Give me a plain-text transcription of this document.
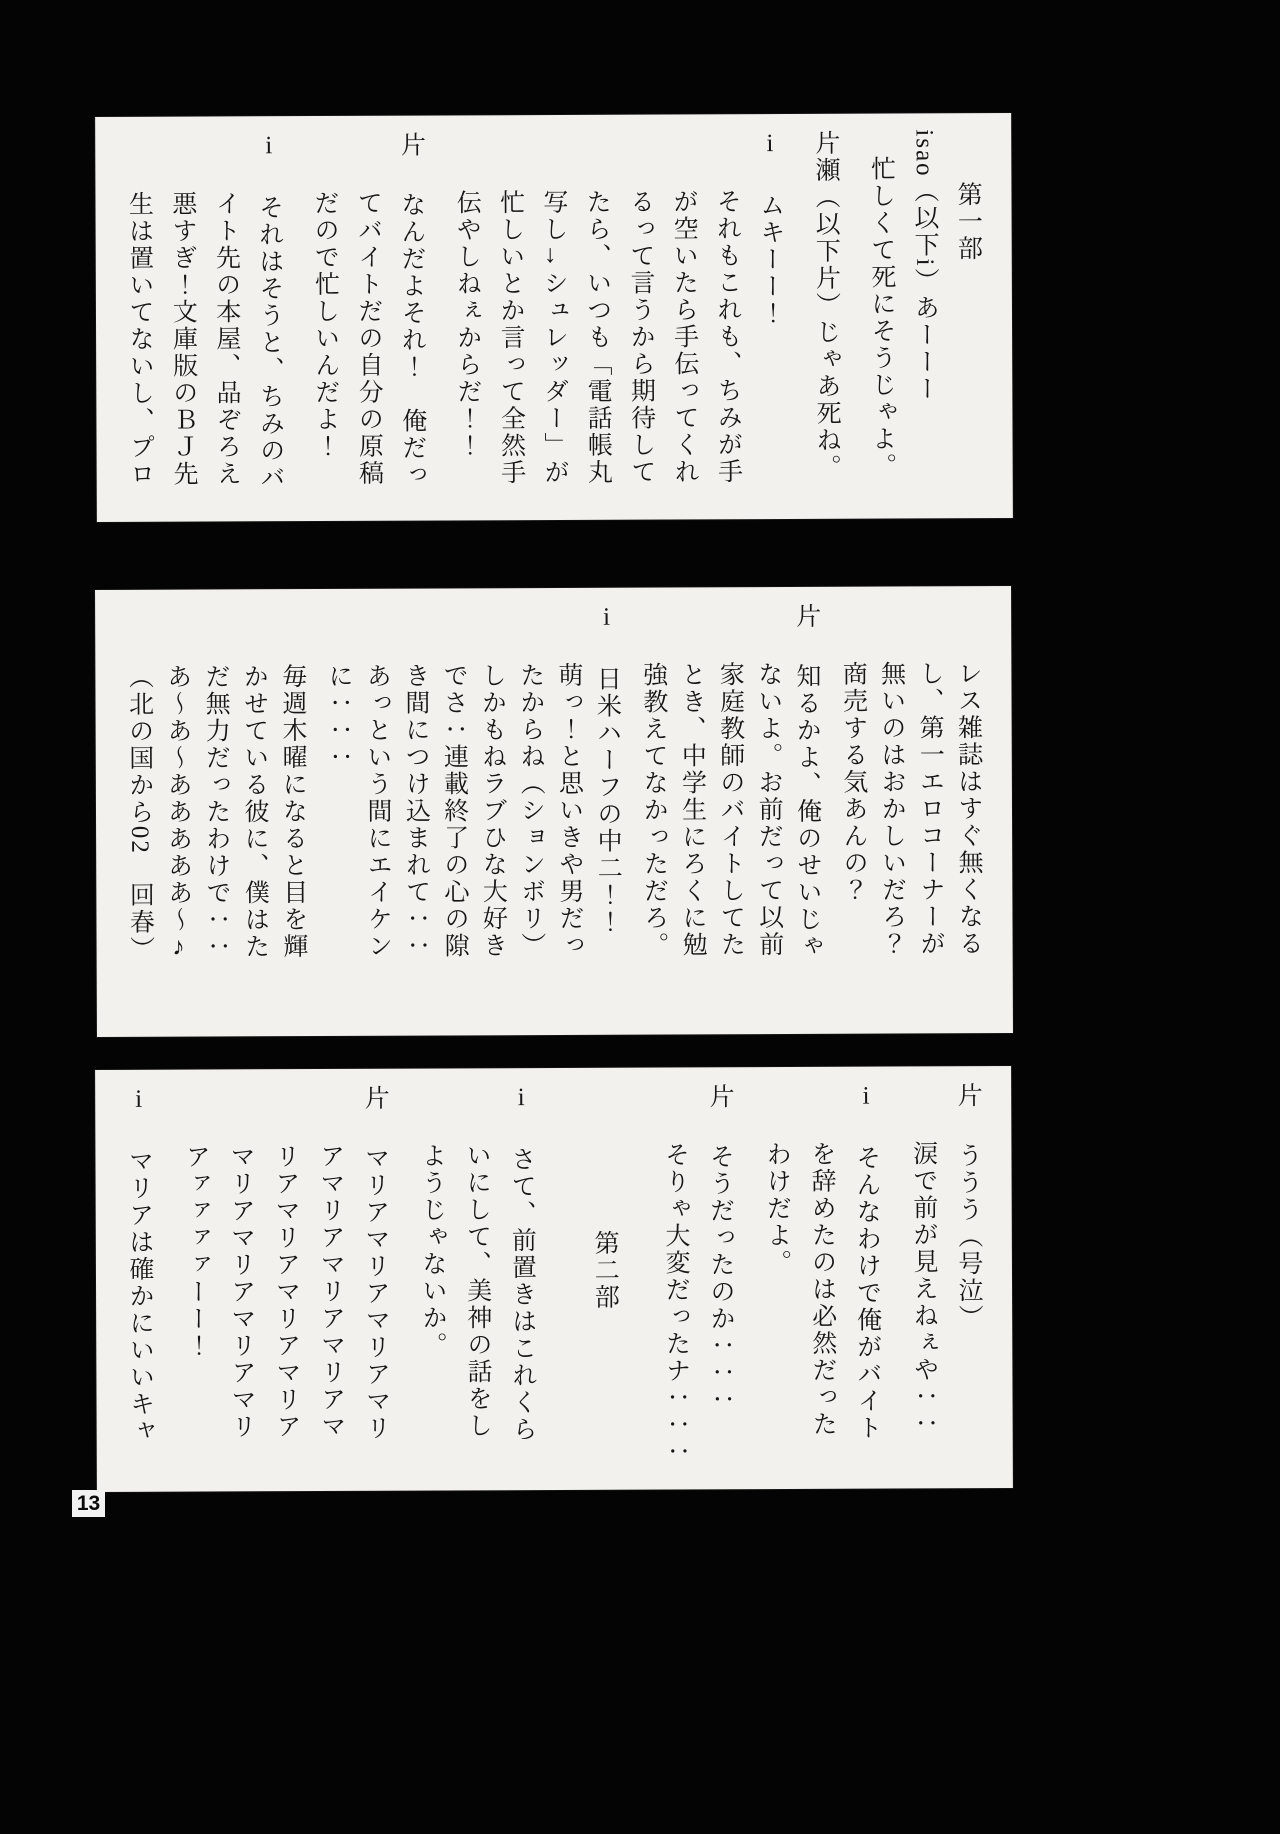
第一部
isao（以下i）あーーー
忙しくて死にそうじゃよ。
片瀬（以下片）じゃあ死ね。
iムキーー！
それもこれも、ちみが手
が空いたら手伝ってくれ
るって言うから期待して
たら、いつも「電話帳丸
写し→シュレッダー」が
忙しいとか言って全然手
伝やしねぇからだ！！
片なんだよそれ！　俺だっ
てバイトだの自分の原稿
だので忙しいんだよ！
iそれはそうと、ちみのバ
イト先の本屋、品ぞろえ
悪すぎ！文庫版のＢＪ先
生は置いてないし、プロ
レス雑誌はすぐ無くなる
し、第一エロコーナーが
無いのはおかしいだろ？
商売する気あんの？
片知るかよ、俺のせいじゃ
ないよ。お前だって以前
家庭教師のバイトしてた
とき、中学生にろくに勉
強教えてなかっただろ。
i日米ハーフの中二！！
萌っ！と思いきや男だっ
たからね（ションボリ）
しかもねラブひな大好き
でさ：連載終了の心の隙
き間につけ込まれて：：
あっという間にエイケン
に：：：
毎週木曜になると目を輝
かせている彼に、僕はた
だ無力だったわけで：：
あ～あ～あああああ～♪
（北の国から02　回春）
片ううう（号泣）
涙で前が見えねぇや：：
iそんなわけで俺がバイト
を辞めたのは必然だった
わけだよ。
片そうだったのか：：：
そりゃ大変だったナ：：：
第二部
iさて、前置きはこれくら
いにして、美神の話をし
ようじゃないか。
片マリアマリアマリアマリ
アマリアマリアマリアマ
リアマリアマリアマリア
マリアマリアマリアマリ
アァァァァーー！
iマリアは確かにいいキャ
13
